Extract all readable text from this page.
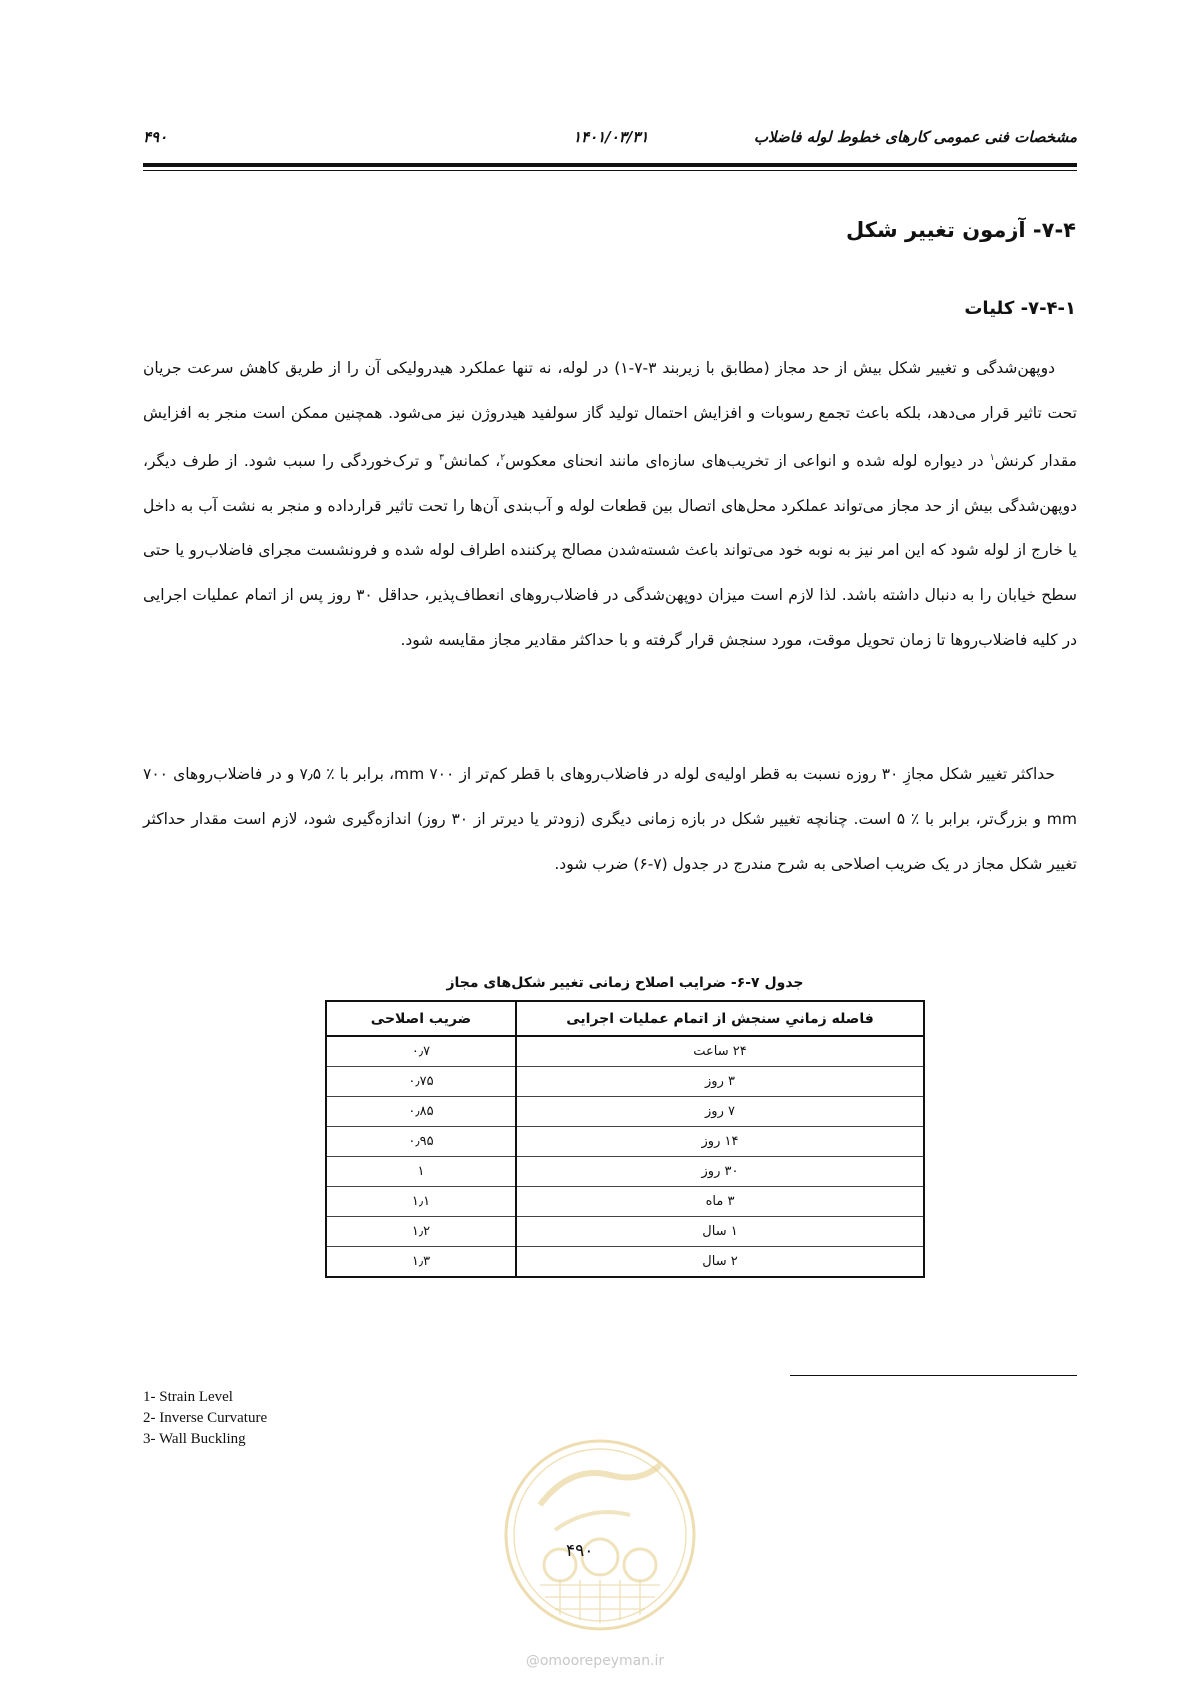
مشخصات فنی عمومی کارهای خطوط لوله فاضلاب
۱۴۰۱/۰۳/۳۱
۴۹۰
۷-۴- آزمون تغییر شکل
۷-۴-۱- کلیات
دوپهن‌شدگی و تغییر شکل بیش از حد مجاز (مطابق با زیربند ۳-۷-۱) در لوله، نه تنها عملکرد هیدرولیکی آن را از طریق کاهش سرعت جریان تحت تاثیر قرار می‌دهد، بلکه باعث تجمع رسوبات و افزایش احتمال تولید گاز سولفید هیدروژن نیز می‌شود. همچنین ممکن است منجر به افزایش مقدار کرنش$^۱$ در دیواره لوله شده و انواعی از تخریب‌های سازه‌ای مانند انحنای معکوس$^۲$، کمانش$^۳$ و ترک‌خوردگی را سبب شود. از طرف دیگر، دوپهن‌شدگی بیش از حد مجاز می‌تواند عملکرد محل‌های اتصال بین قطعات لوله و آب‌بندی آن‌ها را تحت تاثیر قرارداده و منجر به نشت آب به داخل یا خارج از لوله شود که این امر نیز به نوبه خود می‌تواند باعث شسته‌شدن مصالح پرکننده اطراف لوله شده و فرونشست مجرای فاضلاب‌رو یا حتی سطح خیابان را به دنبال داشته باشد. لذا لازم است میزان دوپهن‌شدگی در فاضلاب‌روهای انعطاف‌پذیر، حداقل ۳۰ روز پس از اتمام عملیات اجرایی در کلیه فاضلاب‌روها تا زمان تحویل موقت، مورد سنجش قرار گرفته و با حداکثر مقادیر مجاز مقایسه شود.
حداکثر تغییر شکل مجازِ ۳۰ روزه نسبت به قطر اولیه‌ی لوله در فاضلاب‌روهای با قطر کم‌تر از ۷۰۰ mm، برابر با ٪ ۷٫۵ و در فاضلاب‌روهای ۷۰۰ mm و بزرگ‌تر، برابر با ٪ ۵ است. چنانچه تغییر شکل در بازه زمانی دیگری (زودتر یا دیرتر از ۳۰ روز) اندازه‌گیری شود، لازم است مقدار حداکثر تغییر شکل مجاز در یک ضریب اصلاحی به شرح مندرج در جدول (۷-۶) ضرب شود.
جدول ۷-۶- ضرایب اصلاح زمانی تغییر شکل‌های مجاز
فاصله زمانیِ سنجش از اتمام عملیات اجرایی	ضریب اصلاحی
۲۴ ساعت	۰٫۷
۳ روز	۰٫۷۵
۷ روز	۰٫۸۵
۱۴ روز	۰٫۹۵
۳۰ روز	۱
۳ ماه	۱٫۱
۱ سال	۱٫۲
۲ سال	۱٫۳
1- Strain Level
2- Inverse Curvature
3- Wall Buckling
۴۹۰
@omoorepeyman.ir
